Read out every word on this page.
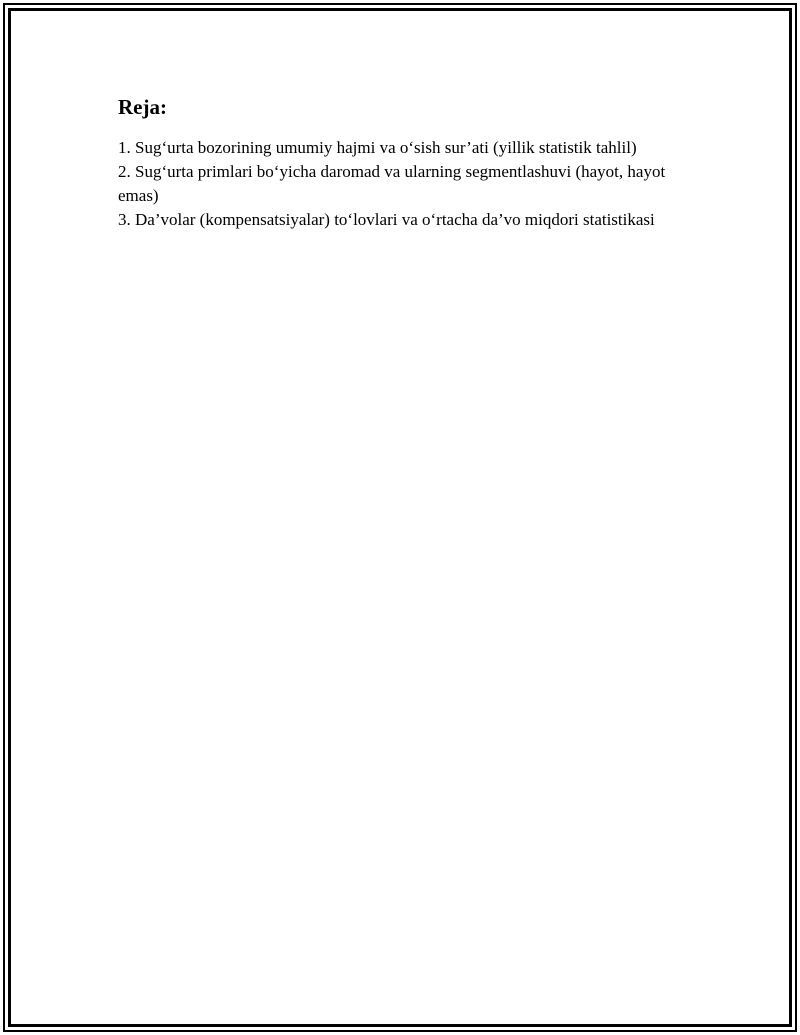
Reja:
1. Sug‘urta bozorining umumiy hajmi va o‘sish sur’ati (yillik statistik tahlil)
2. Sug‘urta primlari bo‘yicha daromad va ularning segmentlashuvi (hayot, hayot emas)
3. Da’volar (kompensatsiyalar) to‘lovlari va o‘rtacha da’vo miqdori statistikasi
